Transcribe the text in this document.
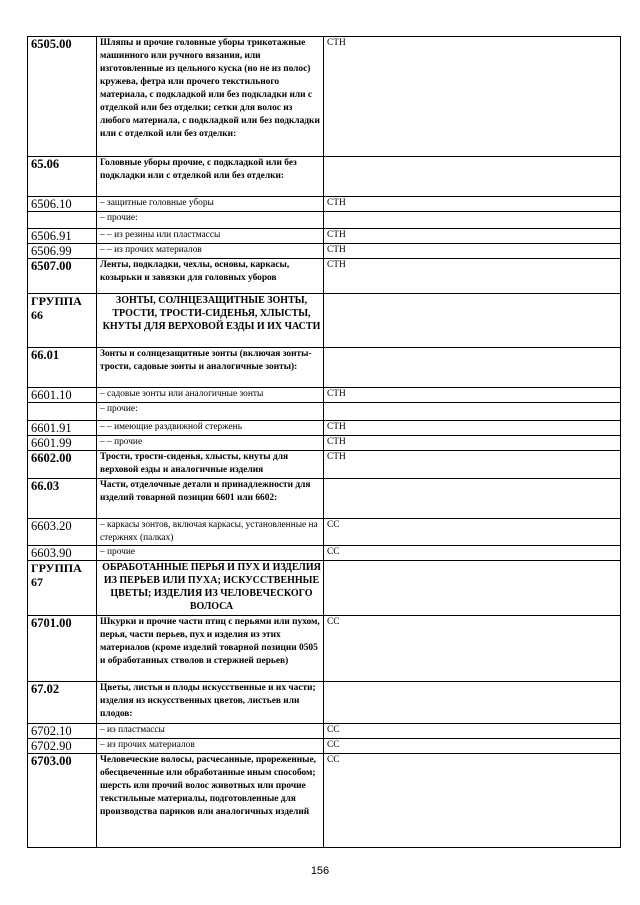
6505.00	Шляпы и прочие головные уборы трикотажные машинного или ручного вязания, или изготовленные из цельного куска (но не из полос) кружева, фетра или прочего текстильного материала, с подкладкой или без подкладки или с отделкой или без отделки; сетки для волос из любого материала, с подкладкой или без подкладки или с отделкой или без отделки:	СТН
65.06	Головные уборы прочие, с подкладкой или без подкладки или с отделкой или без отделки:	
6506.10	– защитные головные уборы	СТН
	– прочие:	
6506.91	– – из резины или пластмассы	СТН
6506.99	– – из прочих материалов	СТН
6507.00	Ленты, подкладки, чехлы, основы, каркасы, козырьки и завязки для головных уборов	СТН
ГРУППА 66	ЗОНТЫ, СОЛНЦЕЗАЩИТНЫЕ ЗОНТЫ, ТРОСТИ, ТРОСТИ-СИДЕНЬЯ, ХЛЫСТЫ, КНУТЫ ДЛЯ ВЕРХОВОЙ ЕЗДЫ И ИХ ЧАСТИ	
66.01	Зонты и солнцезащитные зонты (включая зонты-трости, садовые зонты и аналогичные зонты):	
6601.10	– садовые зонты или аналогичные зонты	СТН
	– прочие:	
6601.91	– – имеющие раздвижной стержень	СТН
6601.99	– – прочие	СТН
6602.00	Трости, трости-сиденья, хлысты, кнуты для верховой езды и аналогичные изделия	СТН
66.03	Части, отделочные детали и принадлежности для изделий товарной позиции 6601 или 6602:	
6603.20	– каркасы зонтов, включая каркасы, установленные на стержнях (палках)	СС
6603.90	– прочие	СС
ГРУППА 67	ОБРАБОТАННЫЕ ПЕРЬЯ И ПУХ И ИЗДЕЛИЯ ИЗ ПЕРЬЕВ ИЛИ ПУХА; ИСКУССТВЕННЫЕ ЦВЕТЫ; ИЗДЕЛИЯ ИЗ ЧЕЛОВЕЧЕСКОГО ВОЛОСА	
6701.00	Шкурки и прочие части птиц с перьями или пухом, перья, части перьев, пух и изделия из этих материалов (кроме изделий товарной позиции 0505 и обработанных стволов и стержней перьев)	СС
67.02	Цветы, листья и плоды искусственные и их части; изделия из искусственных цветов, листьев или плодов:	
6702.10	– из пластмассы	СС
6702.90	– из прочих материалов	СС
6703.00	Человеческие волосы, расчесанные, прореженные, обесцвеченные или обработанные иным способом; шерсть или прочий волос животных или прочие текстильные материалы, подготовленные для производства париков или аналогичных изделий	СС
156
